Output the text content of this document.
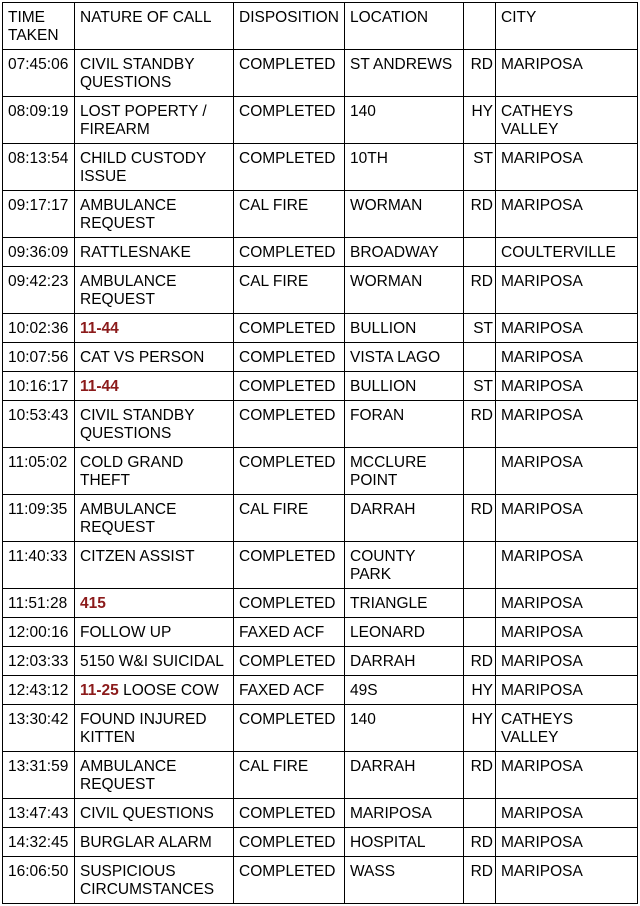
TIME TAKEN	NATURE OF CALL	DISPOSITION	LOCATION		CITY
07:45:06	CIVIL STANDBY QUESTIONS	COMPLETED	ST ANDREWS	RD	MARIPOSA
08:09:19	LOST POPERTY / FIREARM	COMPLETED	140	HY	CATHEYS VALLEY
08:13:54	CHILD CUSTODY ISSUE	COMPLETED	10TH	ST	MARIPOSA
09:17:17	AMBULANCE REQUEST	CAL FIRE	WORMAN	RD	MARIPOSA
09:36:09	RATTLESNAKE	COMPLETED	BROADWAY		COULTERVILLE
09:42:23	AMBULANCE REQUEST	CAL FIRE	WORMAN	RD	MARIPOSA
10:02:36	11-44	COMPLETED	BULLION	ST	MARIPOSA
10:07:56	CAT VS PERSON	COMPLETED	VISTA LAGO		MARIPOSA
10:16:17	11-44	COMPLETED	BULLION	ST	MARIPOSA
10:53:43	CIVIL STANDBY QUESTIONS	COMPLETED	FORAN	RD	MARIPOSA
11:05:02	COLD GRAND THEFT	COMPLETED	MCCLURE POINT		MARIPOSA
11:09:35	AMBULANCE REQUEST	CAL FIRE	DARRAH	RD	MARIPOSA
11:40:33	CITZEN ASSIST	COMPLETED	COUNTY PARK		MARIPOSA
11:51:28	415	COMPLETED	TRIANGLE		MARIPOSA
12:00:16	FOLLOW UP	FAXED ACF	LEONARD		MARIPOSA
12:03:33	5150 W&I SUICIDAL	COMPLETED	DARRAH	RD	MARIPOSA
12:43:12	11-25 LOOSE COW	FAXED ACF	49S	HY	MARIPOSA
13:30:42	FOUND INJURED KITTEN	COMPLETED	140	HY	CATHEYS VALLEY
13:31:59	AMBULANCE REQUEST	CAL FIRE	DARRAH	RD	MARIPOSA
13:47:43	CIVIL QUESTIONS	COMPLETED	MARIPOSA		MARIPOSA
14:32:45	BURGLAR ALARM	COMPLETED	HOSPITAL	RD	MARIPOSA
16:06:50	SUSPICIOUS CIRCUMSTANCES	COMPLETED	WASS	RD	MARIPOSA
